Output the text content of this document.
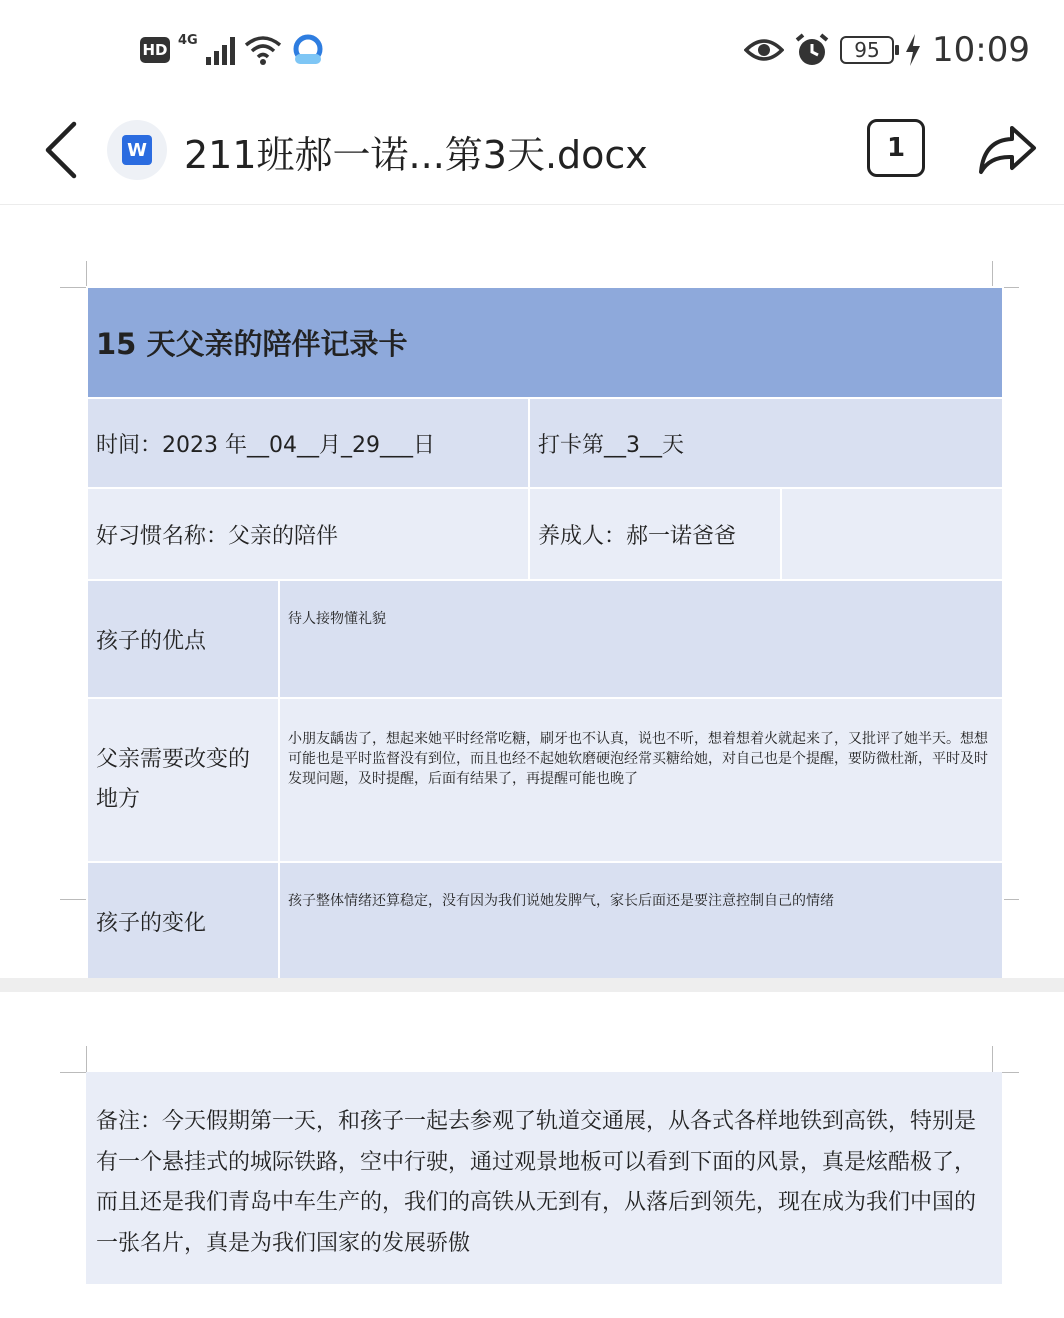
HD
4G	95	10:09
W 211班郝一诺...第3天.docx	1
15 天父亲的陪伴记录卡			
时间：2023 年__04__月_29___日		打卡第__3__天	
好习惯名称：父亲的陪伴		养成人：郝一诺爸爸	
孩子的优点	待人接物懂礼貌		
父亲需要改变的地方	小朋友龋齿了，想起来她平时经常吃糖，刷牙也不认真，说也不听，想着想着火就起来了，又批评了她半天。想想可能也是平时监督没有到位，而且也经不起她软磨硬泡经常买糖给她，对自己也是个提醒，要防微杜渐，平时及时发现问题，及时提醒，后面有结果了，再提醒可能也晚了		
孩子的变化	孩子整体情绪还算稳定，没有因为我们说她发脾气，家长后面还是要注意控制自己的情绪		
备注：今天假期第一天，和孩子一起去参观了轨道交通展，从各式各样地铁到高铁，特别是有一个悬挂式的城际铁路，空中行驶，通过观景地板可以看到下面的风景，真是炫酷极了，而且还是我们青岛中车生产的，我们的高铁从无到有，从落后到领先，现在成为我们中国的一张名片，真是为我们国家的发展骄傲
